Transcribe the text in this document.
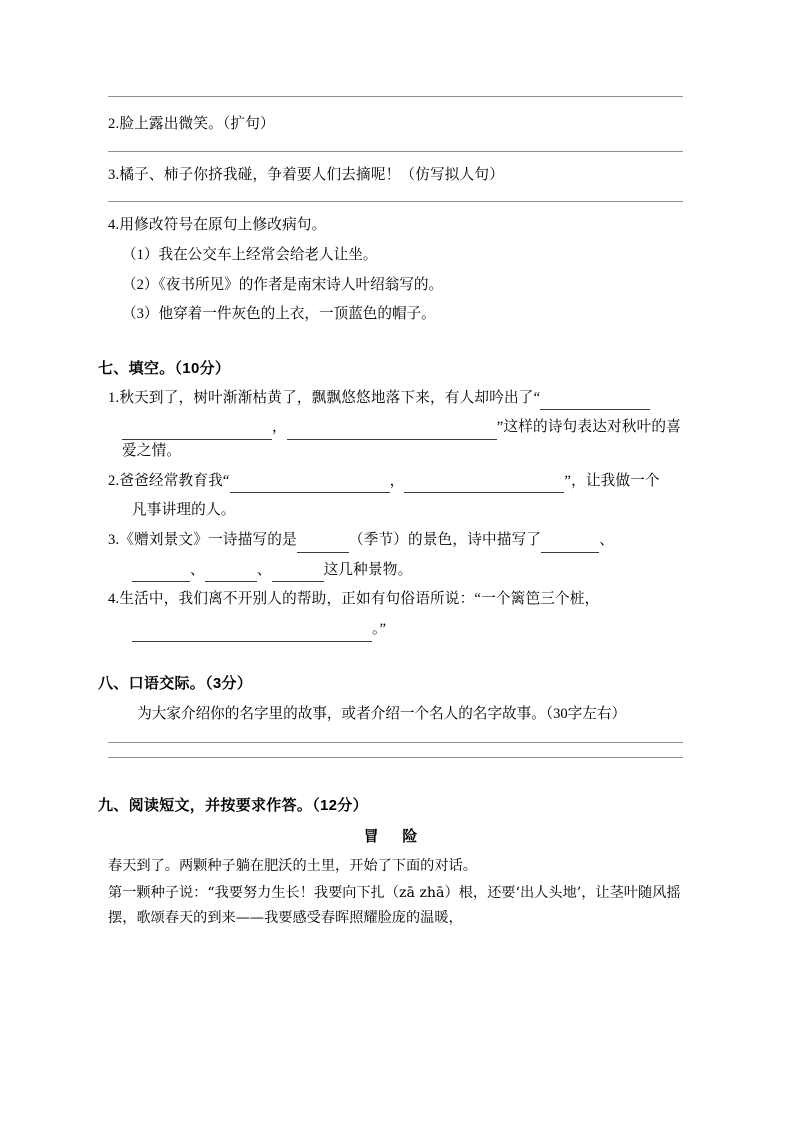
2.脸上露出微笑。（扩句）

3.橘子、柿子你挤我碰，争着要人们去摘呢！（仿写拟人句）

4.用修改符号在原句上修改病句。

（1）我在公交车上经常会给老人让坐。

（2）《夜书所见》的作者是南宋诗人叶绍翁写的。

（3）他穿着一件灰色的上衣，一顶蓝色的帽子。

七、填空。（10分）

1.秋天到了，树叶渐渐枯黄了，飘飘悠悠地落下来，有人却吟出了“

，	”这样的诗句表达对秋叶的喜爱之情。

2.爸爸经常教育我“	，	”，让我做一个

凡事讲理的人。

3.《赠刘景文》一诗描写的是	（季节）的景色，诗中描写了	、

、	、	这几种景物。

4.生活中，我们离不开别人的帮助，正如有句俗语所说：“一个篱笆三个桩，

。”

八、口语交际。（3分）

为大家介绍你的名字里的故事，或者介绍一个名人的名字故事。（30字左右）

九、阅读短文，并按要求作答。（12分）
冒 险

春天到了。两颗种子躺在肥沃的土里，开始了下面的对话。

第一颗种子说：“我要努力生长！我要向下扎（zā zhā）根，还要‘出人头地’，让茎叶随风摇摆，歌颂春天的到来——我要感受春晖照耀脸庞的温暖，
